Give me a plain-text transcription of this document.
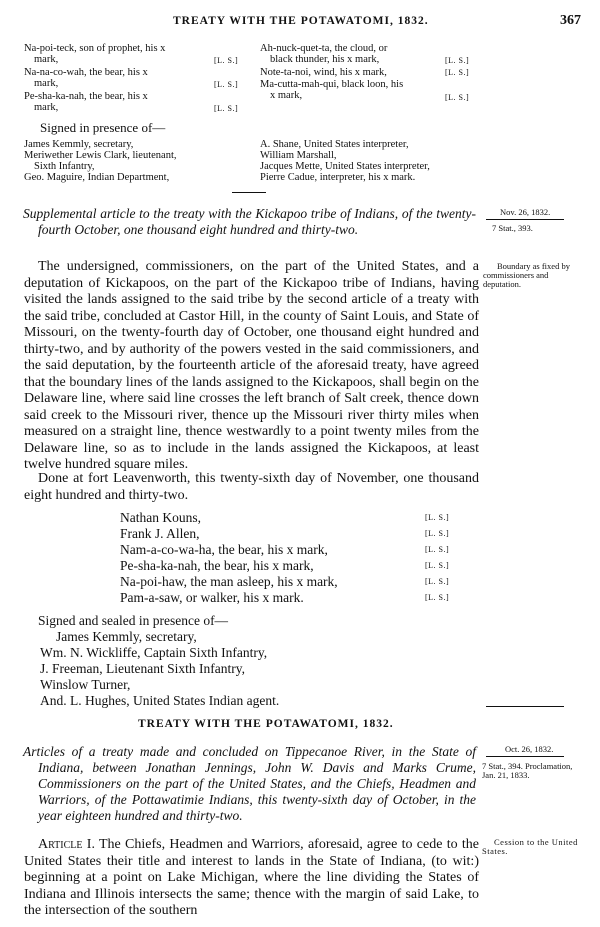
TREATY WITH THE POTAWATOMI, 1832.	367
Na-poi-teck, son of prophet, his x
mark,	[L. S.]
Na-na-co-wah, the bear, his x
mark,	[L. S.]
Pe-sha-ka-nah, the bear, his x
mark,	[L. S.]
Ah-nuck-quet-ta, the cloud, or
black thunder, his x mark,	[L. S.]
Note-ta-noi, wind, his x mark,	[L. S.]
Ma-cutta-mah-qui, black loon, his
x mark,	[L. S.]
Signed in presence of—
James Kemmly, secretary,
Meriwether Lewis Clark, lieutenant,
Sixth Infantry,
Geo. Maguire, Indian Department,
A. Shane, United States interpreter,
William Marshall,
Jacques Mette, United States interpreter,
Pierre Cadue, interpreter, his x mark.
Supplemental article to the treaty with the Kickapoo tribe of Indians, of the twenty-fourth October, one thousand eight hundred and thirty-two.
Nov. 26, 1832.
7 Stat., 393.
Boundary as fixed by commissioners and deputation.
The undersigned, commissioners, on the part of the United States, and a deputation of Kickapoos, on the part of the Kickapoo tribe of Indians, having visited the lands assigned to the said tribe by the second article of a treaty with the said tribe, concluded at Castor Hill, in the county of Saint Louis, and State of Missouri, on the twenty-fourth day of October, one thousand eight hundred and thirty-two, and by authority of the powers vested in the said commissioners, and the said deputation, by the fourteenth article of the aforesaid treaty, have agreed that the boundary lines of the lands assigned to the Kickapoos, shall begin on the Delaware line, where said line crosses the left branch of Salt creek, thence down said creek to the Missouri river, thence up the Missouri river thirty miles when measured on a straight line, thence westwardly to a point twenty miles from the Delaware line, so as to include in the lands assigned the Kickapoos, at least twelve hundred square miles.
Done at fort Leavenworth, this twenty-sixth day of November, one thousand eight hundred and thirty-two.
Nathan Kouns,	[L. S.]
Frank J. Allen,	[L. S.]
Nam-a-co-wa-ha, the bear, his x mark,	[L. S.]
Pe-sha-ka-nah, the bear, his x mark,	[L. S.]
Na-poi-haw, the man asleep, his x mark,	[L. S.]
Pam-a-saw, or walker, his x mark.	[L. S.]
Signed and sealed in presence of—
James Kemmly, secretary,
Wm. N. Wickliffe, Captain Sixth Infantry,
J. Freeman, Lieutenant Sixth Infantry,
Winslow Turner,
And. L. Hughes, United States Indian agent.
TREATY WITH THE POTAWATOMI, 1832.
Articles of a treaty made and concluded on Tippecanoe River, in the State of Indiana, between Jonathan Jennings, John W. Davis and Marks Crume, Commissioners on the part of the United States, and the Chiefs, Headmen and Warriors, of the Pottawatimie Indians, this twenty-sixth day of October, in the year eighteen hundred and thirty-two.
Oct. 26, 1832.
7 Stat., 394. Proclamation, Jan. 21, 1833.
Cession to the United States.
Article I. The Chiefs, Headmen and Warriors, aforesaid, agree to cede to the United States their title and interest to lands in the State of Indiana, (to wit:) beginning at a point on Lake Michigan, where the line dividing the States of Indiana and Illinois intersects the same; thence with the margin of said Lake, to the intersection of the southern
